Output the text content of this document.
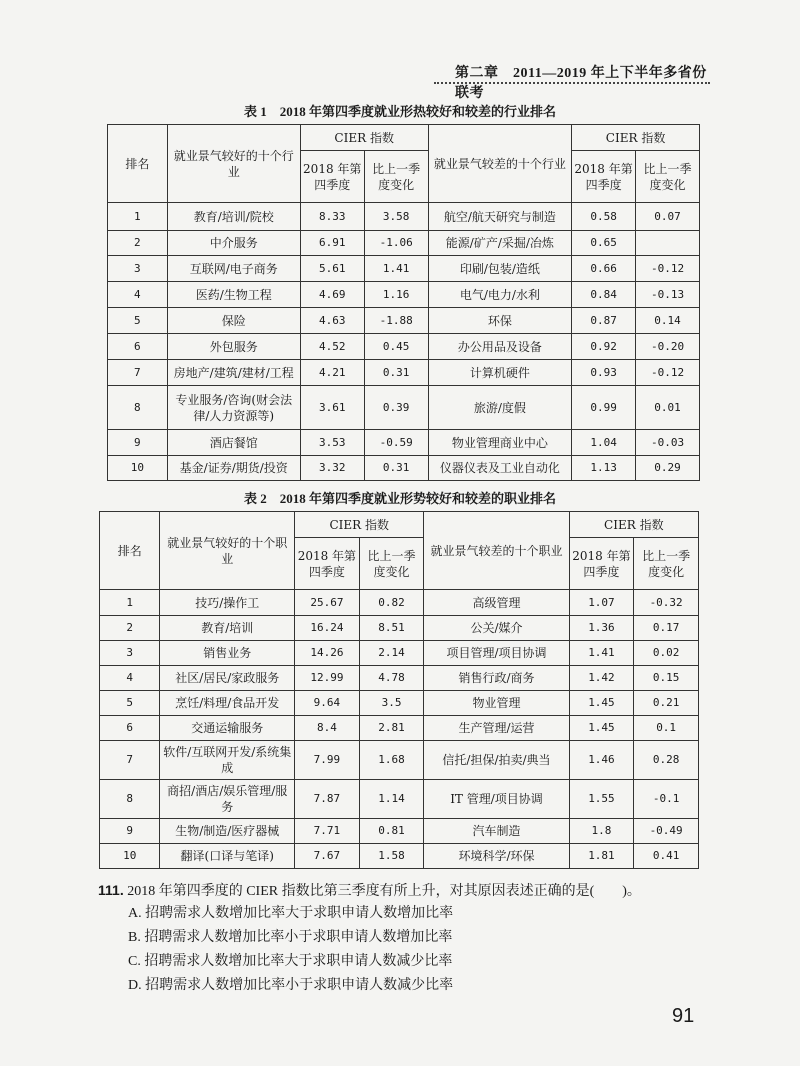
第二章　2011—2019 年上下半年多省份联考
表 1　2018 年第四季度就业形热较好和较差的行业排名
排名	就业景气较好的十个行业	CIER 指数		就业景气较差的十个行业	CIER 指数	
		2018 年第四季度	比上一季度变化		2018 年第四季度	比上一季度变化
1	教育/培训/院校	8.33	3.58	航空/航天研究与制造	0.58	0.07
2	中介服务	6.91	-1.06	能源/矿产/采掘/冶炼	0.65	
3	互联网/电子商务	5.61	1.41	印刷/包装/造纸	0.66	-0.12
4	医药/生物工程	4.69	1.16	电气/电力/水利	0.84	-0.13
5	保险	4.63	-1.88	环保	0.87	0.14
6	外包服务	4.52	0.45	办公用品及设备	0.92	-0.20
7	房地产/建筑/建材/工程	4.21	0.31	计算机硬件	0.93	-0.12
8	专业服务/咨询(财会法律/人力资源等)	3.61	0.39	旅游/度假	0.99	0.01
9	酒店餐馆	3.53	-0.59	物业管理商业中心	1.04	-0.03
10	基金/证券/期货/投资	3.32	0.31	仪器仪表及工业自动化	1.13	0.29
表 2　2018 年第四季度就业形势较好和较差的职业排名
排名	就业景气较好的十个职业	CIER 指数		就业景气较差的十个职业	CIER 指数	
		2018 年第四季度	比上一季度变化		2018 年第四季度	比上一季度变化
1	技巧/操作工	25.67	0.82	高级管理	1.07	-0.32
2	教育/培训	16.24	8.51	公关/媒介	1.36	0.17
3	销售业务	14.26	2.14	项目管理/项目协调	1.41	0.02
4	社区/居民/家政服务	12.99	4.78	销售行政/商务	1.42	0.15
5	烹饪/料理/食品开发	9.64	3.5	物业管理	1.45	0.21
6	交通运输服务	8.4	2.81	生产管理/运营	1.45	0.1
7	软件/互联网开发/系统集成	7.99	1.68	信托/担保/拍卖/典当	1.46	0.28
8	商招/酒店/娱乐管理/服务	7.87	1.14	IT 管理/项目协调	1.55	-0.1
9	生物/制造/医疗器械	7.71	0.81	汽车制造	1.8	-0.49
10	翻译(口译与笔译)	7.67	1.58	环境科学/环保	1.81	0.41
111. 2018 年第四季度的 CIER 指数比第三季度有所上升，对其原因表述正确的是(　　)。
A. 招聘需求人数增加比率大于求职申请人数增加比率
B. 招聘需求人数增加比率小于求职申请人数增加比率
C. 招聘需求人数增加比率大于求职申请人数减少比率
D. 招聘需求人数增加比率小于求职申请人数减少比率
91
